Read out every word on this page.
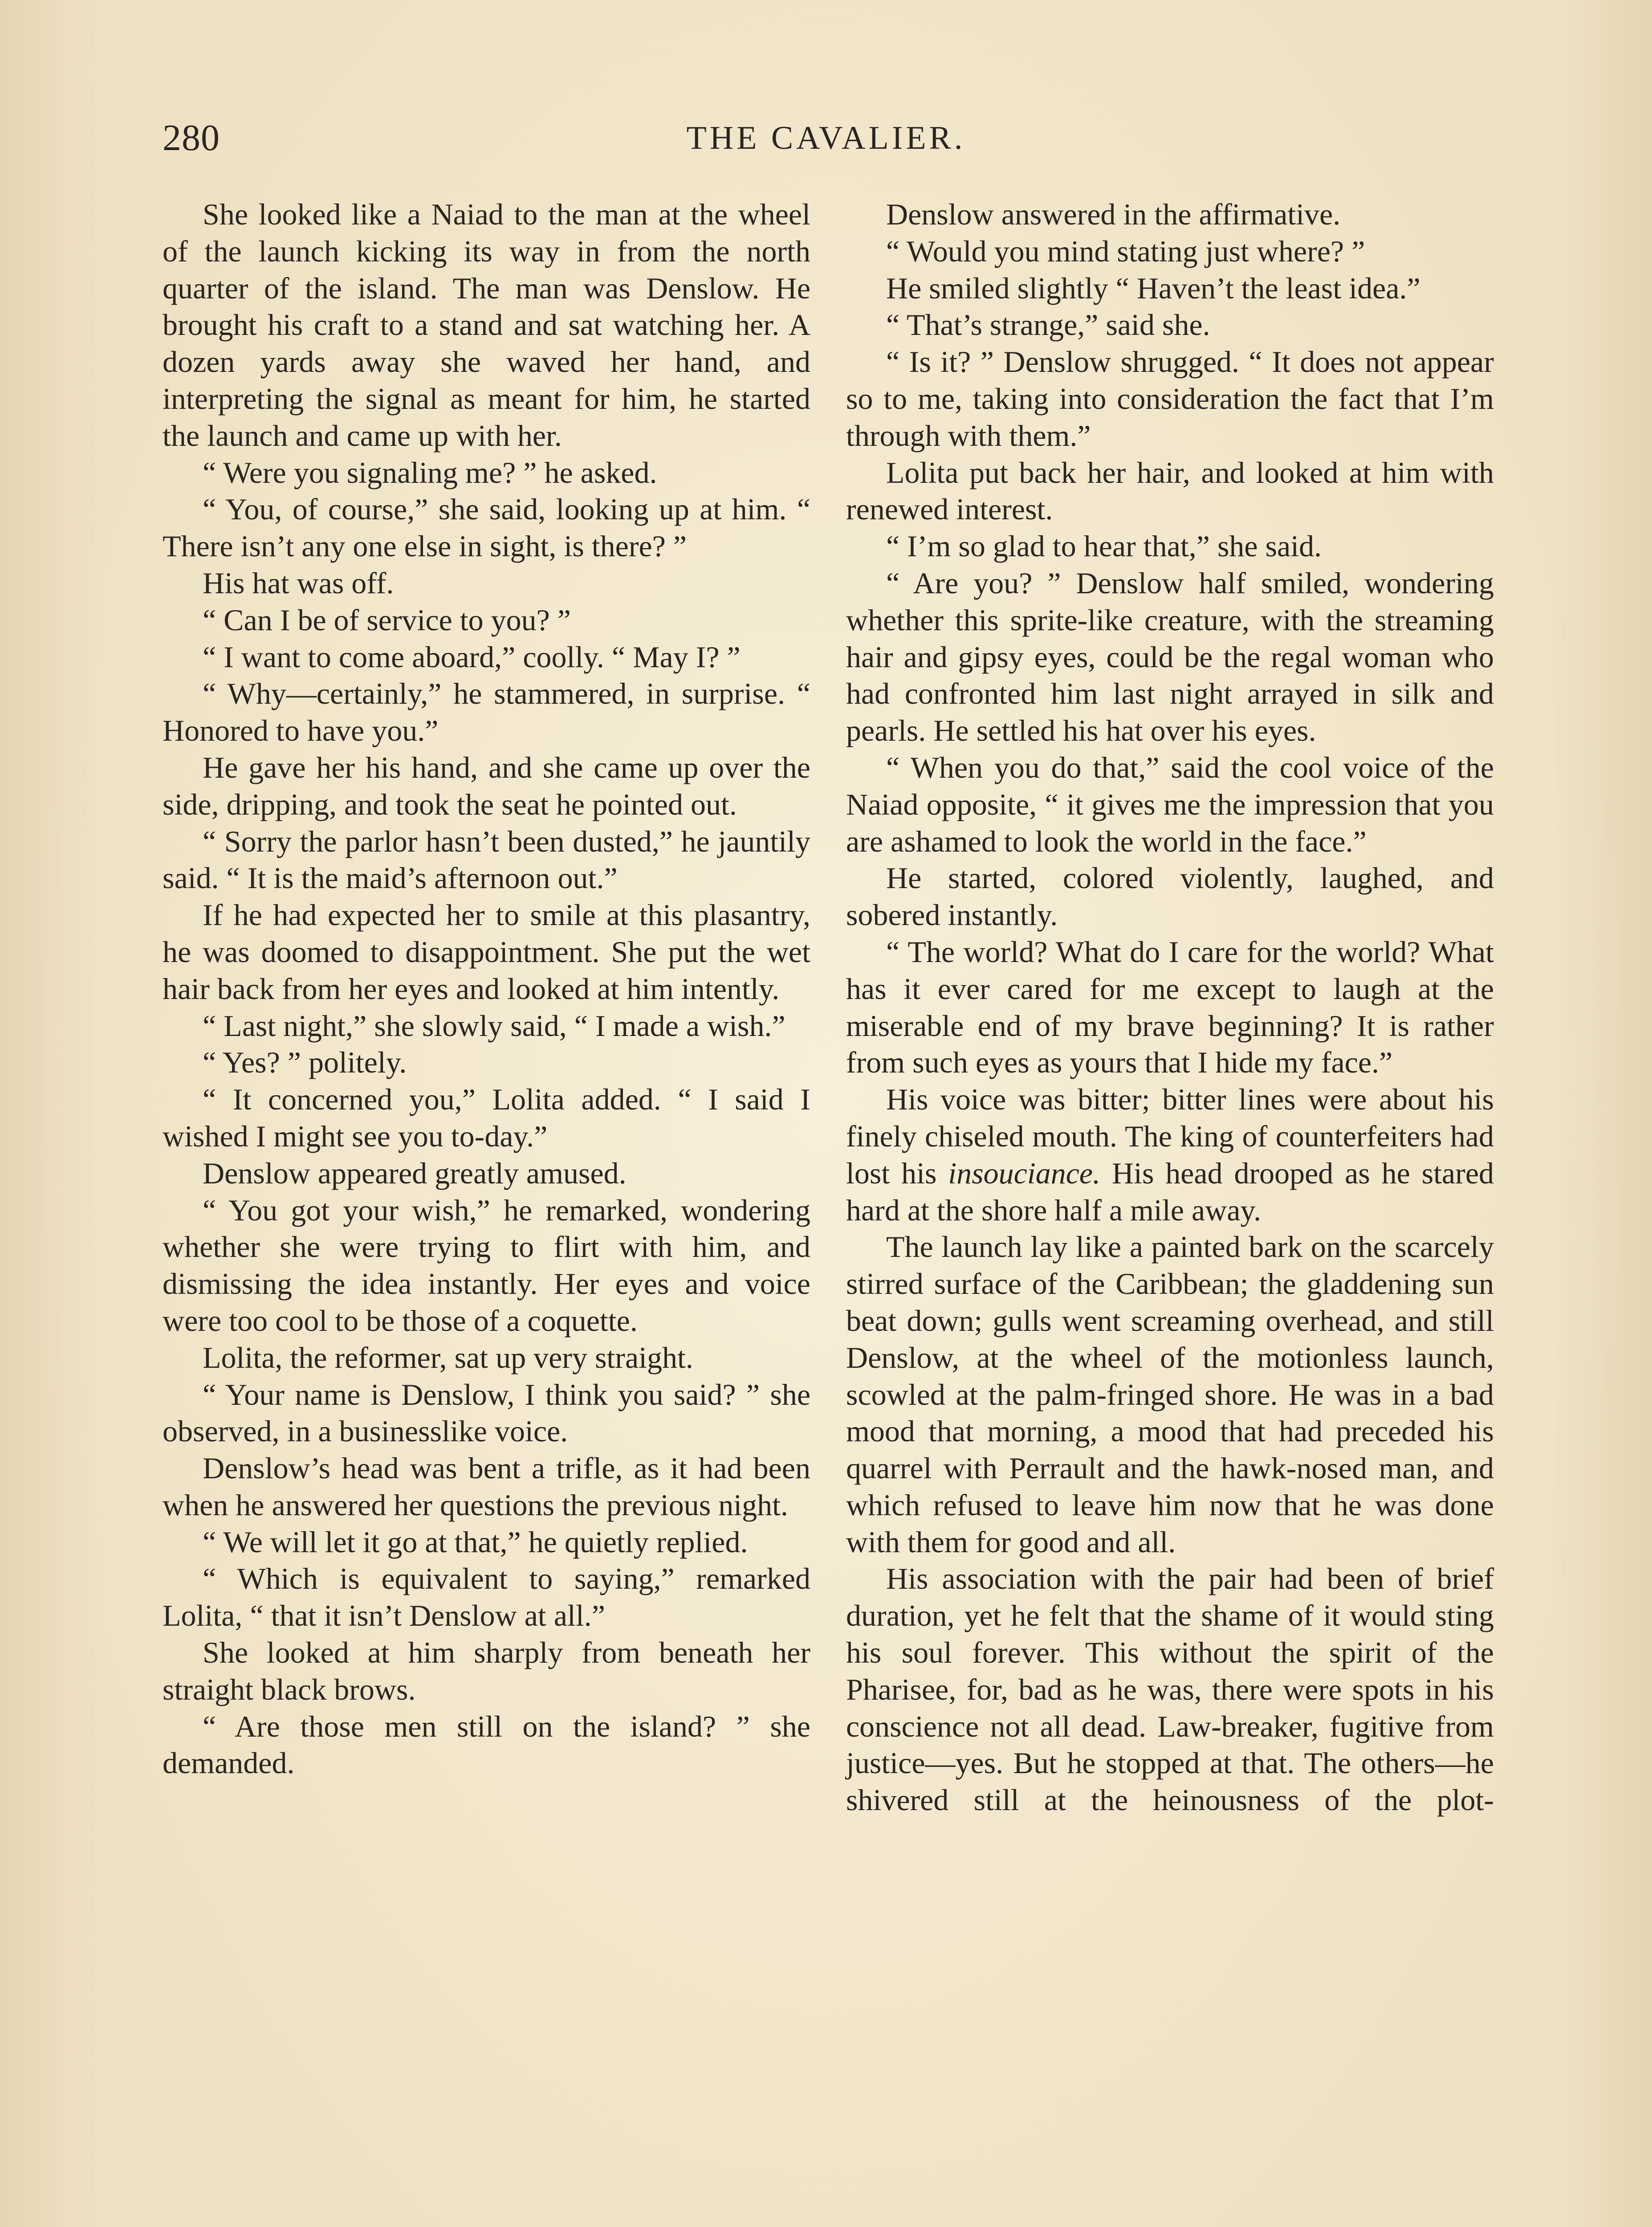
280	THE CAVALIER.

She looked like a Naiad to the man at the wheel of the launch kicking its way in from the north quarter of the island. The man was Denslow. He brought his craft to a stand and sat watching her. A dozen yards away she waved her hand, and interpreting the signal as meant for him, he started the launch and came up with her.

“ Were you signaling me? ” he asked.

“ You, of course,” she said, looking up at him. “ There isn’t any one else in sight, is there? ”

His hat was off.

“ Can I be of service to you? ”

“ I want to come aboard,” coolly. “ May I? ”

“ Why—certainly,” he stammered, in surprise. “ Honored to have you.”

He gave her his hand, and she came up over the side, dripping, and took the seat he pointed out.

“ Sorry the parlor hasn’t been dusted,” he jauntily said. “ It is the maid’s afternoon out.”

If he had expected her to smile at this plasantry, he was doomed to disappointment. She put the wet hair back from her eyes and looked at him intently.

“ Last night,” she slowly said, “ I made a wish.”

“ Yes? ” politely.

“ It concerned you,” Lolita added. “ I said I wished I might see you to-day.”

Denslow appeared greatly amused.

“ You got your wish,” he remarked, wondering whether she were trying to flirt with him, and dismissing the idea instantly. Her eyes and voice were too cool to be those of a coquette.

Lolita, the reformer, sat up very straight.

“ Your name is Denslow, I think you said? ” she observed, in a businesslike voice.

Denslow’s head was bent a trifle, as it had been when he answered her questions the previous night.

“ We will let it go at that,” he quietly replied.

“ Which is equivalent to saying,” remarked Lolita, “ that it isn’t Denslow at all.”

She looked at him sharply from beneath her straight black brows.

“ Are those men still on the island? ” she demanded.

Denslow answered in the affirmative.

“ Would you mind stating just where? ”

He smiled slightly “ Haven’t the least idea.”

“ That’s strange,” said she.

“ Is it? ” Denslow shrugged. “ It does not appear so to me, taking into consideration the fact that I’m through with them.”

Lolita put back her hair, and looked at him with renewed interest.

“ I’m so glad to hear that,” she said.

“ Are you? ” Denslow half smiled, wondering whether this sprite-like creature, with the streaming hair and gipsy eyes, could be the regal woman who had confronted him last night arrayed in silk and pearls. He settled his hat over his eyes.

“ When you do that,” said the cool voice of the Naiad opposite, “ it gives me the impression that you are ashamed to look the world in the face.”

He started, colored violently, laughed, and sobered instantly.

“ The world? What do I care for the world? What has it ever cared for me except to laugh at the miserable end of my brave beginning? It is rather from such eyes as yours that I hide my face.”

His voice was bitter; bitter lines were about his finely chiseled mouth. The king of counterfeiters had lost his insouciance. His head drooped as he stared hard at the shore half a mile away.

The launch lay like a painted bark on the scarcely stirred surface of the Caribbean; the gladdening sun beat down; gulls went screaming overhead, and still Denslow, at the wheel of the motionless launch, scowled at the palm-fringed shore. He was in a bad mood that morning, a mood that had preceded his quarrel with Perrault and the hawk-nosed man, and which refused to leave him now that he was done with them for good and all.

His association with the pair had been of brief duration, yet he felt that the shame of it would sting his soul forever. This without the spirit of the Pharisee, for, bad as he was, there were spots in his conscience not all dead. Law-breaker, fugitive from justice—yes. But he stopped at that. The others—he shivered still at the heinousness of the plot-
